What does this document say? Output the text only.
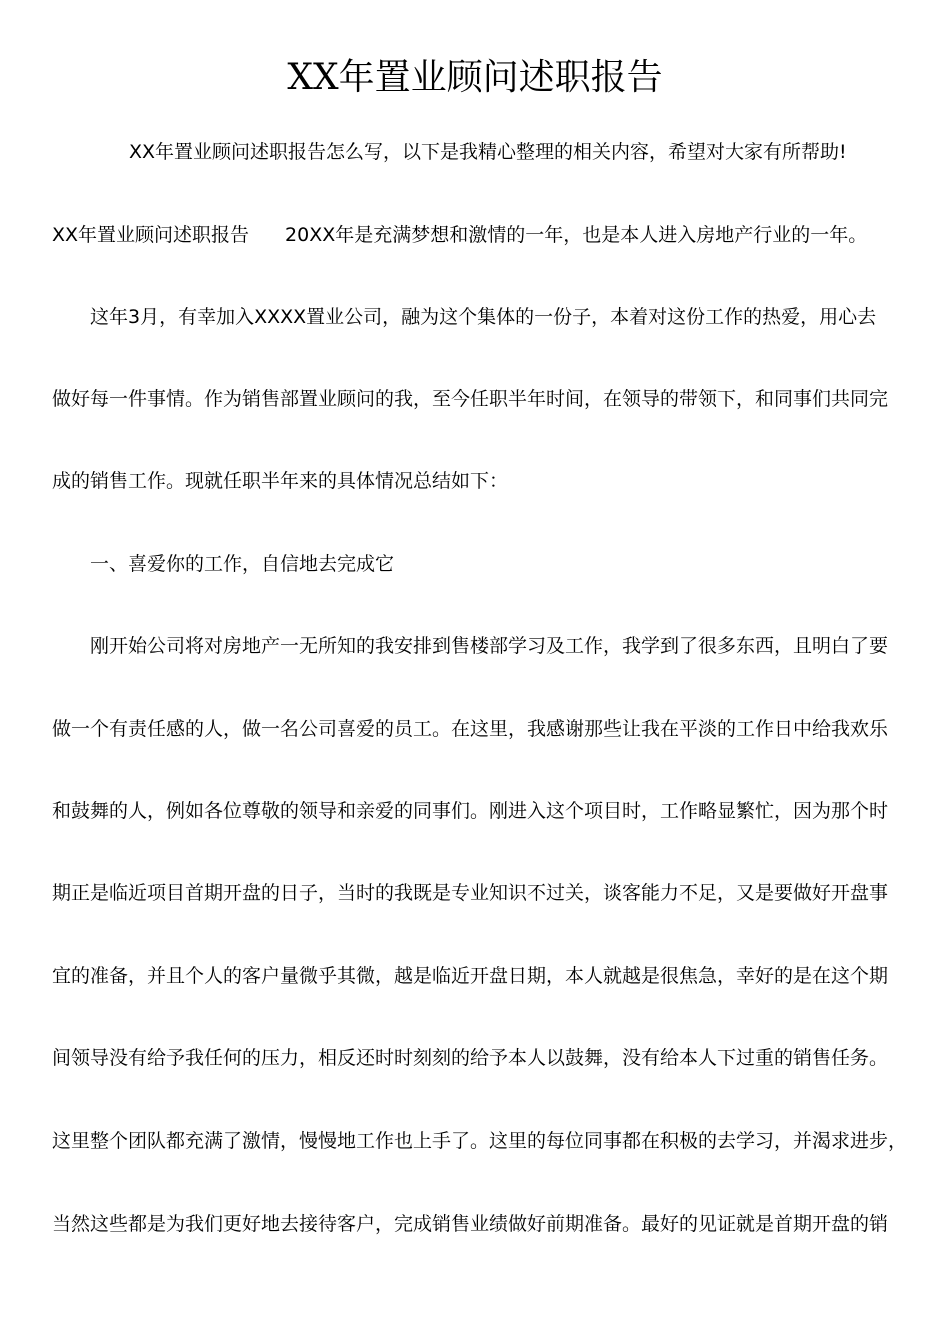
XX年置业顾问述职报告

XX年置业顾问述职报告怎么写，以下是我精心整理的相关内容，希望对大家有所帮助!

XX年置业顾问述职报告 20XX年是充满梦想和激情的一年，也是本人进入房地产行业的一年。

这年3月，有幸加入XXXX置业公司，融为这个集体的一份子，本着对这份工作的热爱，用心去

做好每一件事情。作为销售部置业顾问的我，至今任职半年时间，在领导的带领下，和同事们共同完

成的销售工作。现就任职半年来的具体情况总结如下：

一、喜爱你的工作，自信地去完成它

刚开始公司将对房地产一无所知的我安排到售楼部学习及工作，我学到了很多东西，且明白了要

做一个有责任感的人，做一名公司喜爱的员工。在这里，我感谢那些让我在平淡的工作日中给我欢乐

和鼓舞的人，例如各位尊敬的领导和亲爱的同事们。刚进入这个项目时，工作略显繁忙，因为那个时

期正是临近项目首期开盘的日子，当时的我既是专业知识不过关，谈客能力不足，又是要做好开盘事

宜的准备，并且个人的客户量微乎其微，越是临近开盘日期，本人就越是很焦急，幸好的是在这个期

间领导没有给予我任何的压力，相反还时时刻刻的给予本人以鼓舞，没有给本人下过重的销售任务。

这里整个团队都充满了激情，慢慢地工作也上手了。这里的每位同事都在积极的去学习，并渴求进步，

当然这些都是为我们更好地去接待客户，完成销售业绩做好前期准备。最好的见证就是首期开盘的销
